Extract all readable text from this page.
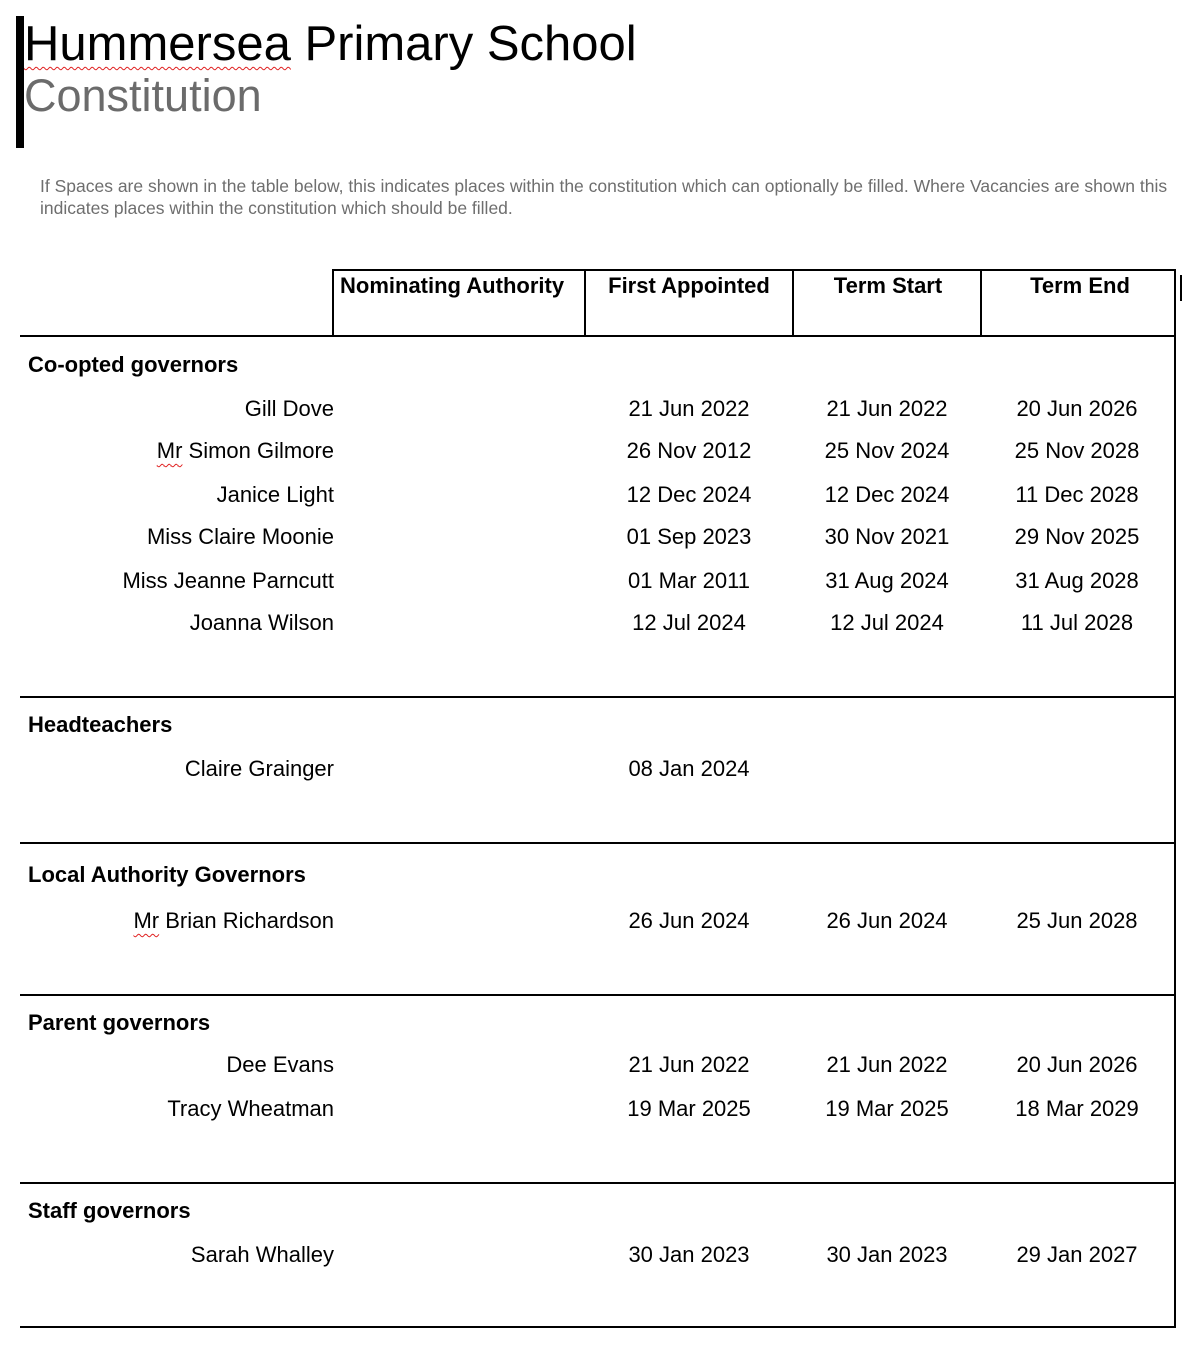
Hummersea Primary School
Constitution
If Spaces are shown in the table below, this indicates places within the constitution which can optionally be filled. Where Vacancies are shown this indicates places within the constitution which should be filled.
Nominating Authority	First Appointed	Term Start	Term End
Co-opted governors
Gill Dove	21 Jun 2022	21 Jun 2022	20 Jun 2026
Mr Simon Gilmore	26 Nov 2012	25 Nov 2024	25 Nov 2028
Janice Light	12 Dec 2024	12 Dec 2024	11 Dec 2028
Miss Claire Moonie	01 Sep 2023	30 Nov 2021	29 Nov 2025
Miss Jeanne Parncutt	01 Mar 2011	31 Aug 2024	31 Aug 2028
Joanna Wilson	12 Jul 2024	12 Jul 2024	11 Jul 2028
Headteachers
Claire Grainger	08 Jan 2024
Local Authority Governors
Mr Brian Richardson	26 Jun 2024	26 Jun 2024	25 Jun 2028
Parent governors
Dee Evans	21 Jun 2022	21 Jun 2022	20 Jun 2026
Tracy Wheatman	19 Mar 2025	19 Mar 2025	18 Mar 2029
Staff governors
Sarah Whalley	30 Jan 2023	30 Jan 2023	29 Jan 2027
